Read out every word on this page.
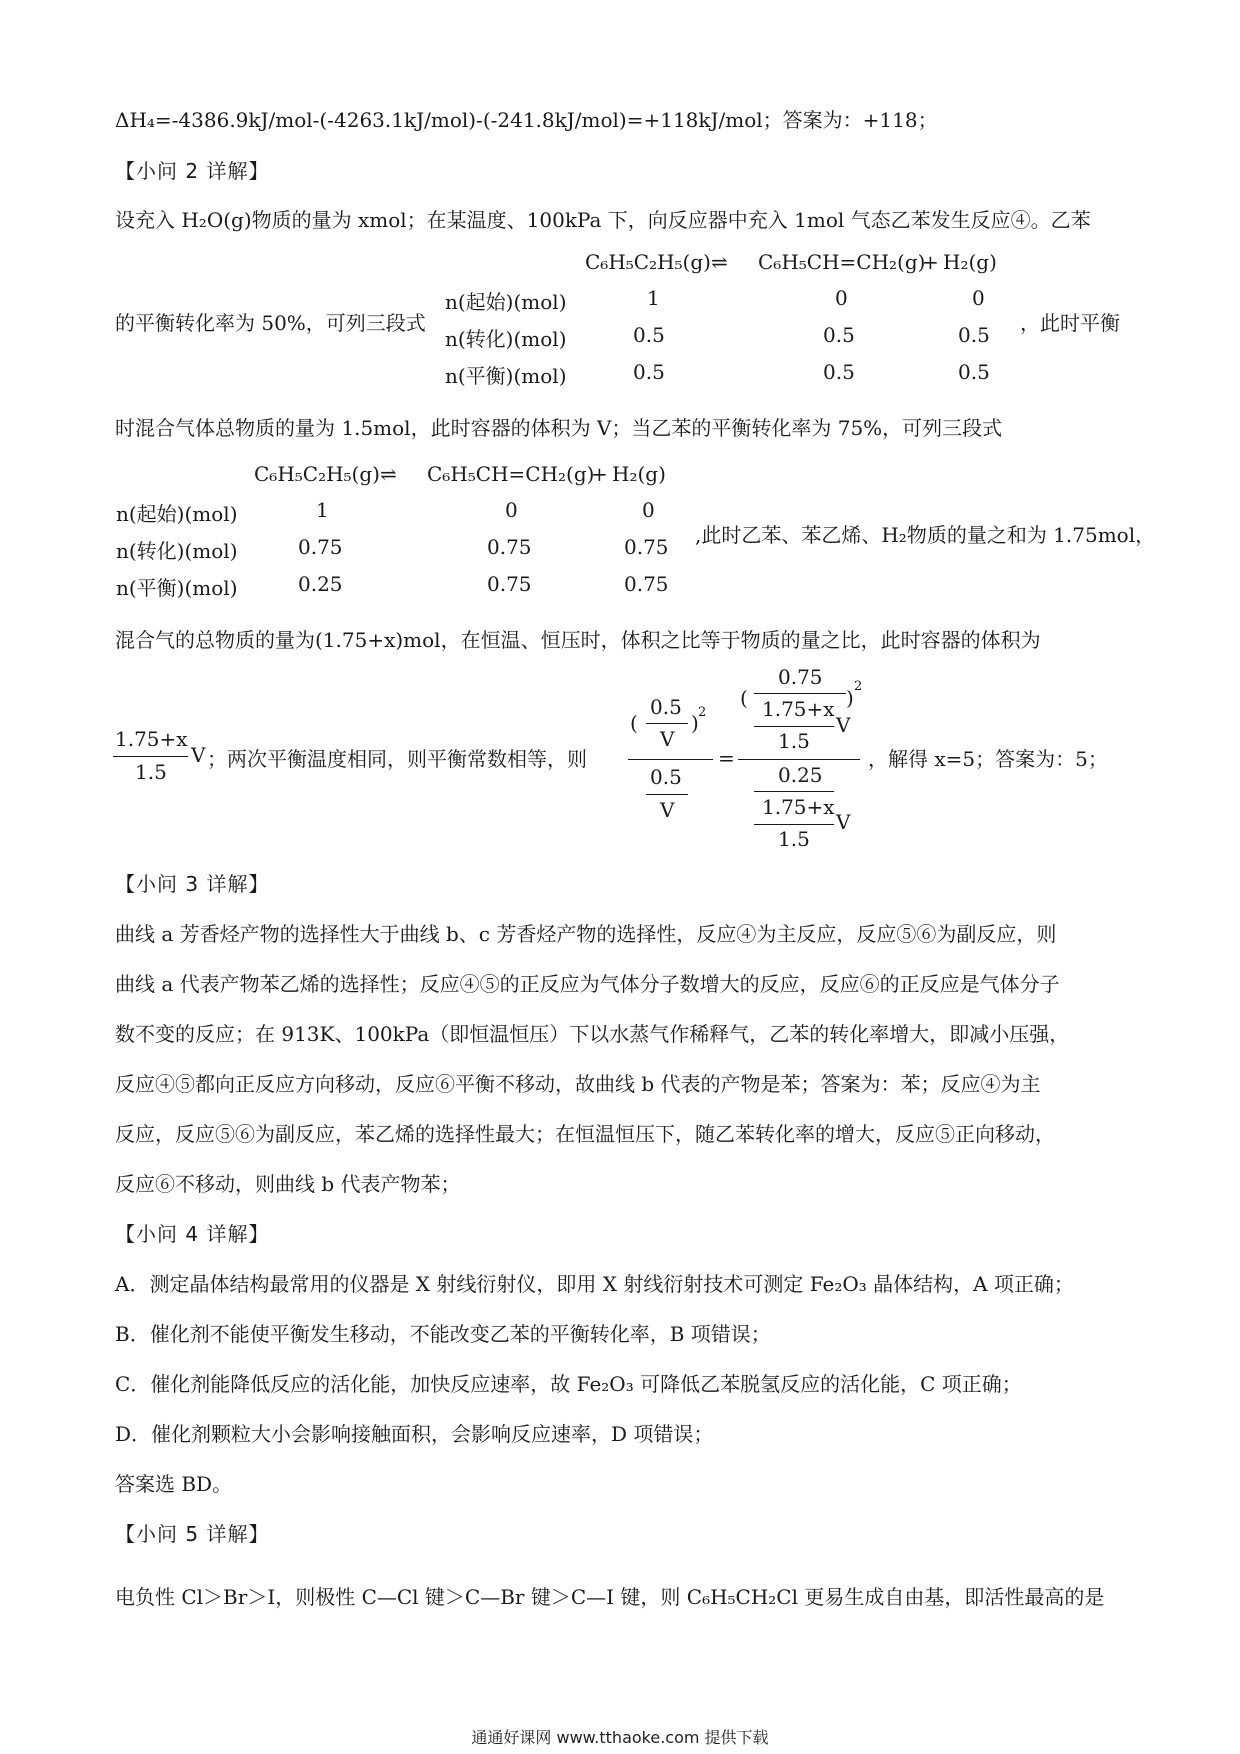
ΔH₄=-4386.9kJ/mol-(-4263.1kJ/mol)-(-241.8kJ/mol)=+118kJ/mol；答案为：+118；
【小问 2 详解】
设充入 H₂O(g)物质的量为 xmol；在某温度、100kPa 下，向反应器中充入 1mol 气态乙苯发生反应④。乙苯
的平衡转化率为 50%，可列三段式
C₆H₅C₂H₅(g)⇌ C₆H₅CH=CH₂(g)
+ H₂(g)
n(起始)(mol)	1	0	0
n(转化)(mol)	0.5	0.5	0.5
n(平衡)(mol)	0.5	0.5	0.5
，此时平衡
时混合气体总物质的量为 1.5mol，此时容器的体积为 V；当乙苯的平衡转化率为 75%，可列三段式
C₆H₅C₂H₅(g)⇌ C₆H₅CH=CH₂(g)
+ H₂(g)
n(起始)(mol)	1	0	0
n(转化)(mol)	0.75	0.75	0.75
n(平衡)(mol)	0.25	0.75	0.75
,此时乙苯、苯乙烯、H₂物质的量之和为 1.75mol，
混合气的总物质的量为(1.75+x)mol，在恒温、恒压时，体积之比等于物质的量之比，此时容器的体积为
1.75+x
1.5
V ；两次平衡温度相同，则平衡常数相等，则
(
0.5
V
) 2
0.5
V
=
(
0.75
1.75+x ) 2
1.5
V
0.25
1.75+x
1.5
V
，解得 x=5；答案为：5；
【小问 3 详解】
曲线 a 芳香烃产物的选择性大于曲线 b、c 芳香烃产物的选择性，反应④为主反应，反应⑤⑥为副反应，则
曲线 a 代表产物苯乙烯的选择性；反应④⑤的正反应为气体分子数增大的反应，反应⑥的正反应是气体分子
数不变的反应；在 913K、100kPa（即恒温恒压）下以水蒸气作稀释气，乙苯的转化率增大，即减小压强，
反应④⑤都向正反应方向移动，反应⑥平衡不移动，故曲线 b 代表的产物是苯；答案为：苯；反应④为主
反应，反应⑤⑥为副反应，苯乙烯的选择性最大；在恒温恒压下，随乙苯转化率的增大，反应⑤正向移动，
反应⑥不移动，则曲线 b 代表产物苯；
【小问 4 详解】
A．测定晶体结构最常用的仪器是 X 射线衍射仪，即用 X 射线衍射技术可测定 Fe₂O₃ 晶体结构，A 项正确；
B．催化剂不能使平衡发生移动，不能改变乙苯的平衡转化率，B 项错误；
C．催化剂能降低反应的活化能，加快反应速率，故 Fe₂O₃ 可降低乙苯脱氢反应的活化能，C 项正确；
D．催化剂颗粒大小会影响接触面积，会影响反应速率，D 项错误；
答案选 BD。
【小问 5 详解】
电负性 Cl＞Br＞I，则极性 C—Cl 键＞C—Br 键＞C—I 键，则 C₆H₅CH₂Cl 更易生成自由基，即活性最高的是
通通好课网 www.tthaoke.com 提供下载
